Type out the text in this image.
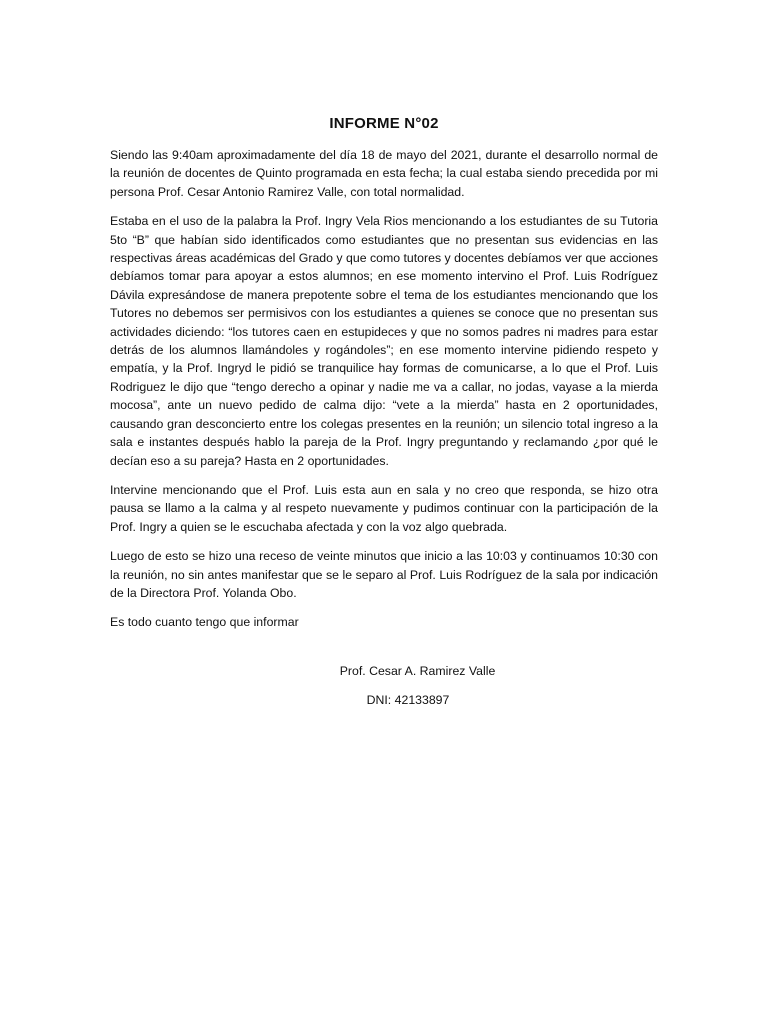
INFORME N°02

Siendo las 9:40am aproximadamente del día 18 de mayo del 2021, durante el desarrollo normal de la reunión de docentes de Quinto programada en esta fecha; la cual estaba siendo precedida por mi persona Prof. Cesar Antonio Ramirez Valle, con total normalidad.

Estaba en el uso de la palabra la Prof. Ingry Vela Rios mencionando a los estudiantes de su Tutoria 5to “B” que habían sido identificados como estudiantes que no presentan sus evidencias en las respectivas áreas académicas del Grado y que como tutores y docentes debíamos ver que acciones debíamos tomar para apoyar a estos alumnos; en ese momento intervino el Prof. Luis Rodríguez Dávila expresándose de manera prepotente sobre el tema de los estudiantes mencionando que los Tutores no debemos ser permisivos con los estudiantes a quienes se conoce que no presentan sus actividades diciendo: “los tutores caen en estupideces y que no somos padres ni madres para estar detrás de los alumnos llamándoles y rogándoles”; en ese momento intervine pidiendo respeto y empatía, y la Prof. Ingryd le pidió se tranquilice hay formas de comunicarse, a lo que el Prof. Luis Rodriguez le dijo que “tengo derecho a opinar y nadie me va a callar, no jodas, vayase a la mierda mocosa”, ante un nuevo pedido de calma dijo: “vete a la mierda” hasta en 2 oportunidades, causando gran desconcierto entre los colegas presentes en la reunión; un silencio total ingreso a la sala e instantes después hablo la pareja de la Prof. Ingry preguntando y reclamando ¿por qué le decían eso a su pareja? Hasta en 2 oportunidades.

Intervine mencionando que el Prof. Luis esta aun en sala y no creo que responda, se hizo otra pausa se llamo a la calma y al respeto nuevamente y pudimos continuar con la participación de la Prof. Ingry a quien se le escuchaba afectada y con la voz algo quebrada.

Luego de esto se hizo una receso de veinte minutos que inicio a las 10:03 y continuamos 10:30 con la reunión, no sin antes manifestar que se le separo al Prof. Luis Rodríguez de la sala por indicación de la Directora Prof. Yolanda Obo.

Es todo cuanto tengo que informar

Prof. Cesar A. Ramirez Valle
DNI: 42133897
